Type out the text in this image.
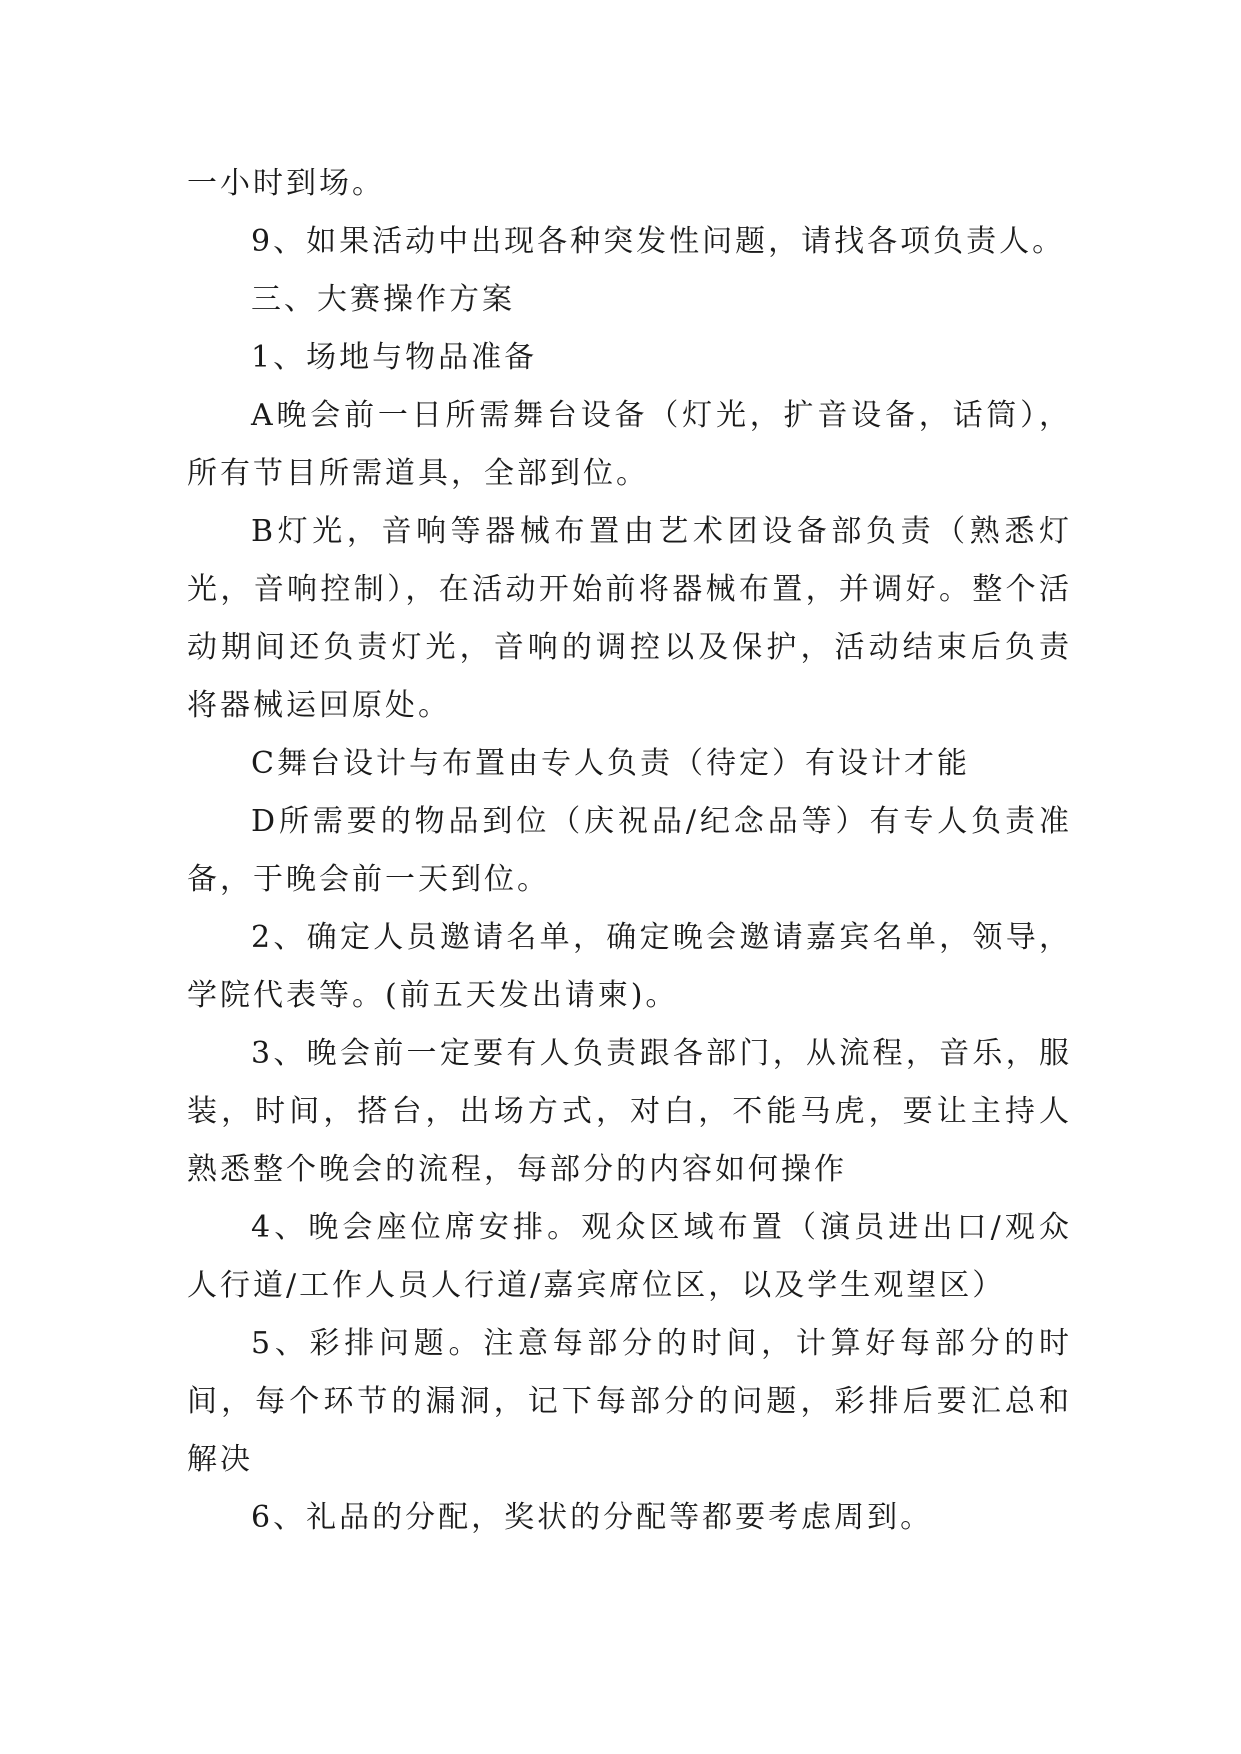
一小时到场。

9、如果活动中出现各种突发性问题，请找各项负责人。

三、大赛操作方案

1、场地与物品准备

A晚会前一日所需舞台设备（灯光，扩音设备，话筒），所有节目所需道具，全部到位。

B灯光，音响等器械布置由艺术团设备部负责（熟悉灯光，音响控制），在活动开始前将器械布置，并调好。整个活动期间还负责灯光，音响的调控以及保护，活动结束后负责将器械运回原处。

C舞台设计与布置由专人负责（待定）有设计才能

D所需要的物品到位（庆祝品/纪念品等）有专人负责准备，于晚会前一天到位。

2、确定人员邀请名单，确定晚会邀请嘉宾名单，领导，学院代表等。(前五天发出请柬)。

3、晚会前一定要有人负责跟各部门，从流程，音乐，服装，时间，搭台，出场方式，对白，不能马虎，要让主持人熟悉整个晚会的流程，每部分的内容如何操作

4、晚会座位席安排。观众区域布置（演员进出口/观众人行道/工作人员人行道/嘉宾席位区，以及学生观望区）

5、彩排问题。注意每部分的时间，计算好每部分的时间，每个环节的漏洞，记下每部分的问题，彩排后要汇总和解决

6、礼品的分配，奖状的分配等都要考虑周到。
